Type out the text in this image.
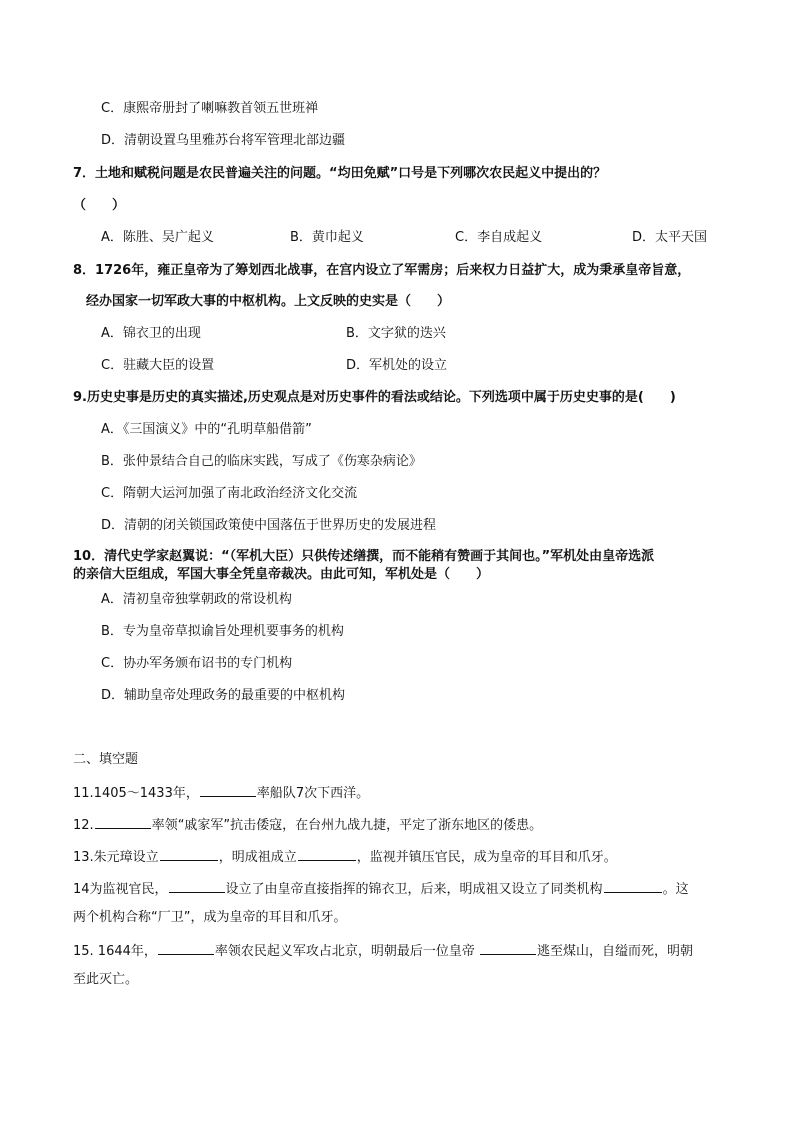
C．康熙帝册封了喇嘛教首领五世班禅
D．清朝设置乌里雅苏台将军管理北部边疆
7．土地和赋税问题是农民普遍关注的问题。“均田免赋”口号是下列哪次农民起义中提出的？
（　　）
A．陈胜、吴广起义	B．黄巾起义	C．李自成起义	D．太平天国
8．1726年，雍正皇帝为了筹划西北战事，在宫内设立了军需房；后来权力日益扩大，成为秉承皇帝旨意，
经办国家一切军政大事的中枢机构。上文反映的史实是（　　）
A．锦衣卫的出现	B．文字狱的迭兴
C．驻藏大臣的设置	D．军机处的设立
9.历史史事是历史的真实描述,历史观点是对历史事件的看法或结论。下列选项中属于历史史事的是(　　)
A．《三国演义》中的“孔明草船借箭”
B．张仲景结合自己的临床实践，写成了《伤寒杂病论》
C．隋朝大运河加强了南北政治经济文化交流
D．清朝的闭关锁国政策使中国落伍于世界历史的发展进程
10．清代史学家赵翼说：“（军机大臣）只供传述缮撰，而不能稍有赞画于其间也。”军机处由皇帝选派
的亲信大臣组成，军国大事全凭皇帝裁决。由此可知，军机处是（　　）
A．清初皇帝独掌朝政的常设机构
B．专为皇帝草拟谕旨处理机要事务的机构
C．协办军务颁布诏书的专门机构
D．辅助皇帝处理政务的最重要的中枢机构
二、填空题
11.1405～1433年，	率船队7次下西洋。
12.	率领“戚家军”抗击倭寇，在台州九战九捷，平定了浙东地区的倭患。
13.朱元璋设立	，明成祖成立	，监视并镇压官民，成为皇帝的耳目和爪牙。
14为监视官民，	设立了由皇帝直接指挥的锦衣卫，后来，明成祖又设立了同类机构	。这
两个机构合称“厂卫”，成为皇帝的耳目和爪牙。
15. 1644年，	率领农民起义军攻占北京，明朝最后一位皇帝	逃至煤山，自缢而死，明朝
至此灭亡。
